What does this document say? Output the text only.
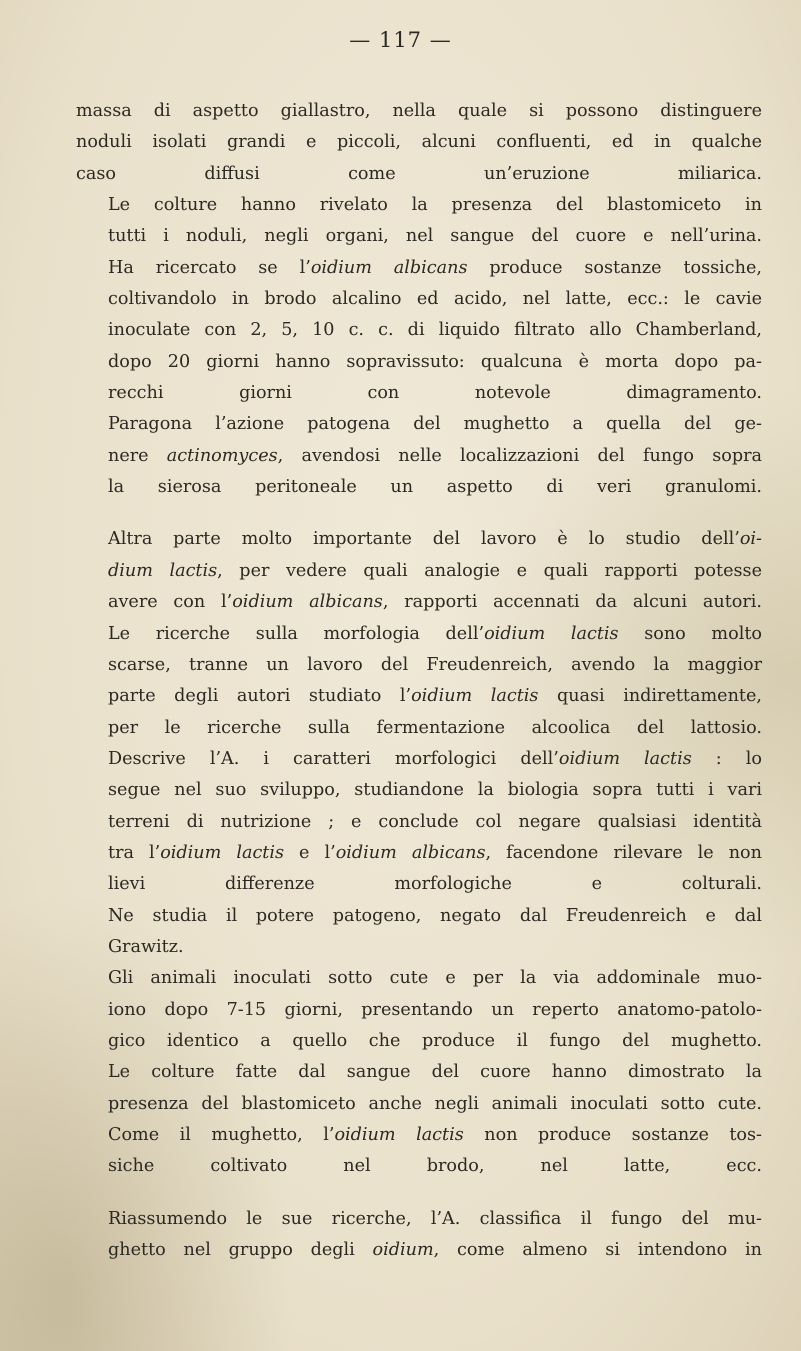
— 117 —

massa di aspetto giallastro, nella quale si possono distinguere
noduli isolati grandi e piccoli, alcuni confluenti, ed in qualche
caso diffusi come un’eruzione miliarica.

Le colture hanno rivelato la presenza del blastomiceto in
tutti i noduli, negli organi, nel sangue del cuore e nell’urina.

Ha ricercato se l’oidium albicans produce sostanze tossiche,
coltivandolo in brodo alcalino ed acido, nel latte, ecc.: le cavie
inoculate con 2, 5, 10 c. c. di liquido filtrato allo Chamberland,
dopo 20 giorni hanno sopravissuto: qualcuna è morta dopo pa-
recchi giorni con notevole dimagramento.

Paragona l’azione patogena del mughetto a quella del ge-
nere actinomyces, avendosi nelle localizzazioni del fungo sopra
la sierosa peritoneale un aspetto di veri granulomi.

Altra parte molto importante del lavoro è lo studio dell’oi-
dium lactis, per vedere quali analogie e quali rapporti potesse
avere con l’oidium albicans, rapporti accennati da alcuni autori.
Le ricerche sulla morfologia dell’oidium lactis sono molto
scarse, tranne un lavoro del Freudenreich, avendo la maggior
parte degli autori studiato l’oidium lactis quasi indirettamente,
per le ricerche sulla fermentazione alcoolica del lattosio.

Descrive l’A. i caratteri morfologici dell’oidium lactis : lo
segue nel suo sviluppo, studiandone la biologia sopra tutti i vari
terreni di nutrizione ; e conclude col negare qualsiasi identità
tra l’oidium lactis e l’oidium albicans, facendone rilevare le non
lievi differenze morfologiche e colturali.

Ne studia il potere patogeno, negato dal Freudenreich e dal
Grawitz.

Gli animali inoculati sotto cute e per la via addominale muo-
iono dopo 7-15 giorni, presentando un reperto anatomo-patolo-
gico identico a quello che produce il fungo del mughetto.

Le colture fatte dal sangue del cuore hanno dimostrato la
presenza del blastomiceto anche negli animali inoculati sotto cute.

Come il mughetto, l’oidium lactis non produce sostanze tos-
siche coltivato nel brodo, nel latte, ecc.

Riassumendo le sue ricerche, l’A. classifica il fungo del mu-
ghetto nel gruppo degli oidium, come almeno si intendono in
